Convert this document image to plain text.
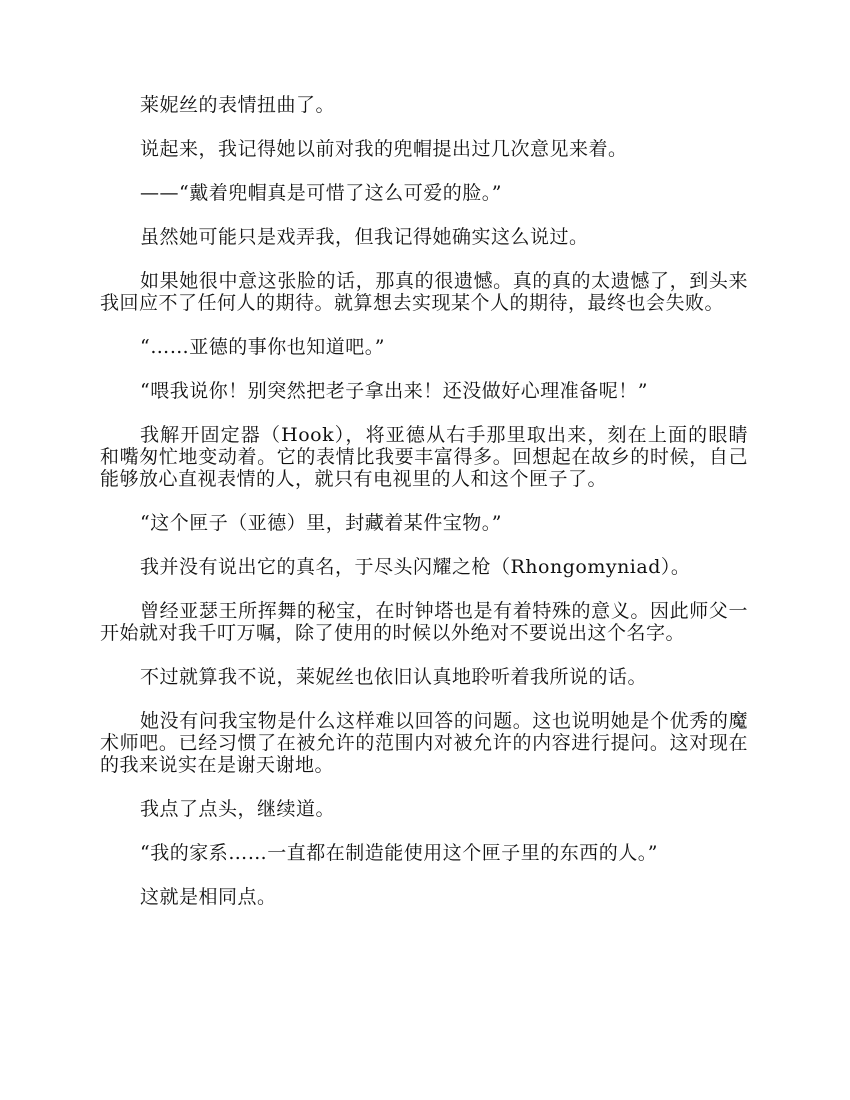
莱妮丝的表情扭曲了。

说起来，我记得她以前对我的兜帽提出过几次意见来着。

——“戴着兜帽真是可惜了这么可爱的脸。”

虽然她可能只是戏弄我，但我记得她确实这么说过。

如果她很中意这张脸的话，那真的很遗憾。真的真的太遗憾了，到头来我回应不了任何人的期待。就算想去实现某个人的期待，最终也会失败。

“……亚德的事你也知道吧。”

“喂我说你！别突然把老子拿出来！还没做好心理准备呢！”

我解开固定器（Hook），将亚德从右手那里取出来，刻在上面的眼睛和嘴匆忙地变动着。它的表情比我要丰富得多。回想起在故乡的时候，自己能够放心直视表情的人，就只有电视里的人和这个匣子了。

“这个匣子（亚德）里，封藏着某件宝物。”

我并没有说出它的真名，于尽头闪耀之枪（Rhongomyniad）。

曾经亚瑟王所挥舞的秘宝，在时钟塔也是有着特殊的意义。因此师父一开始就对我千叮万嘱，除了使用的时候以外绝对不要说出这个名字。

不过就算我不说，莱妮丝也依旧认真地聆听着我所说的话。

她没有问我宝物是什么这样难以回答的问题。这也说明她是个优秀的魔术师吧。已经习惯了在被允许的范围内对被允许的内容进行提问。这对现在的我来说实在是谢天谢地。

我点了点头，继续道。

“我的家系……一直都在制造能使用这个匣子里的东西的人。”

这就是相同点。
